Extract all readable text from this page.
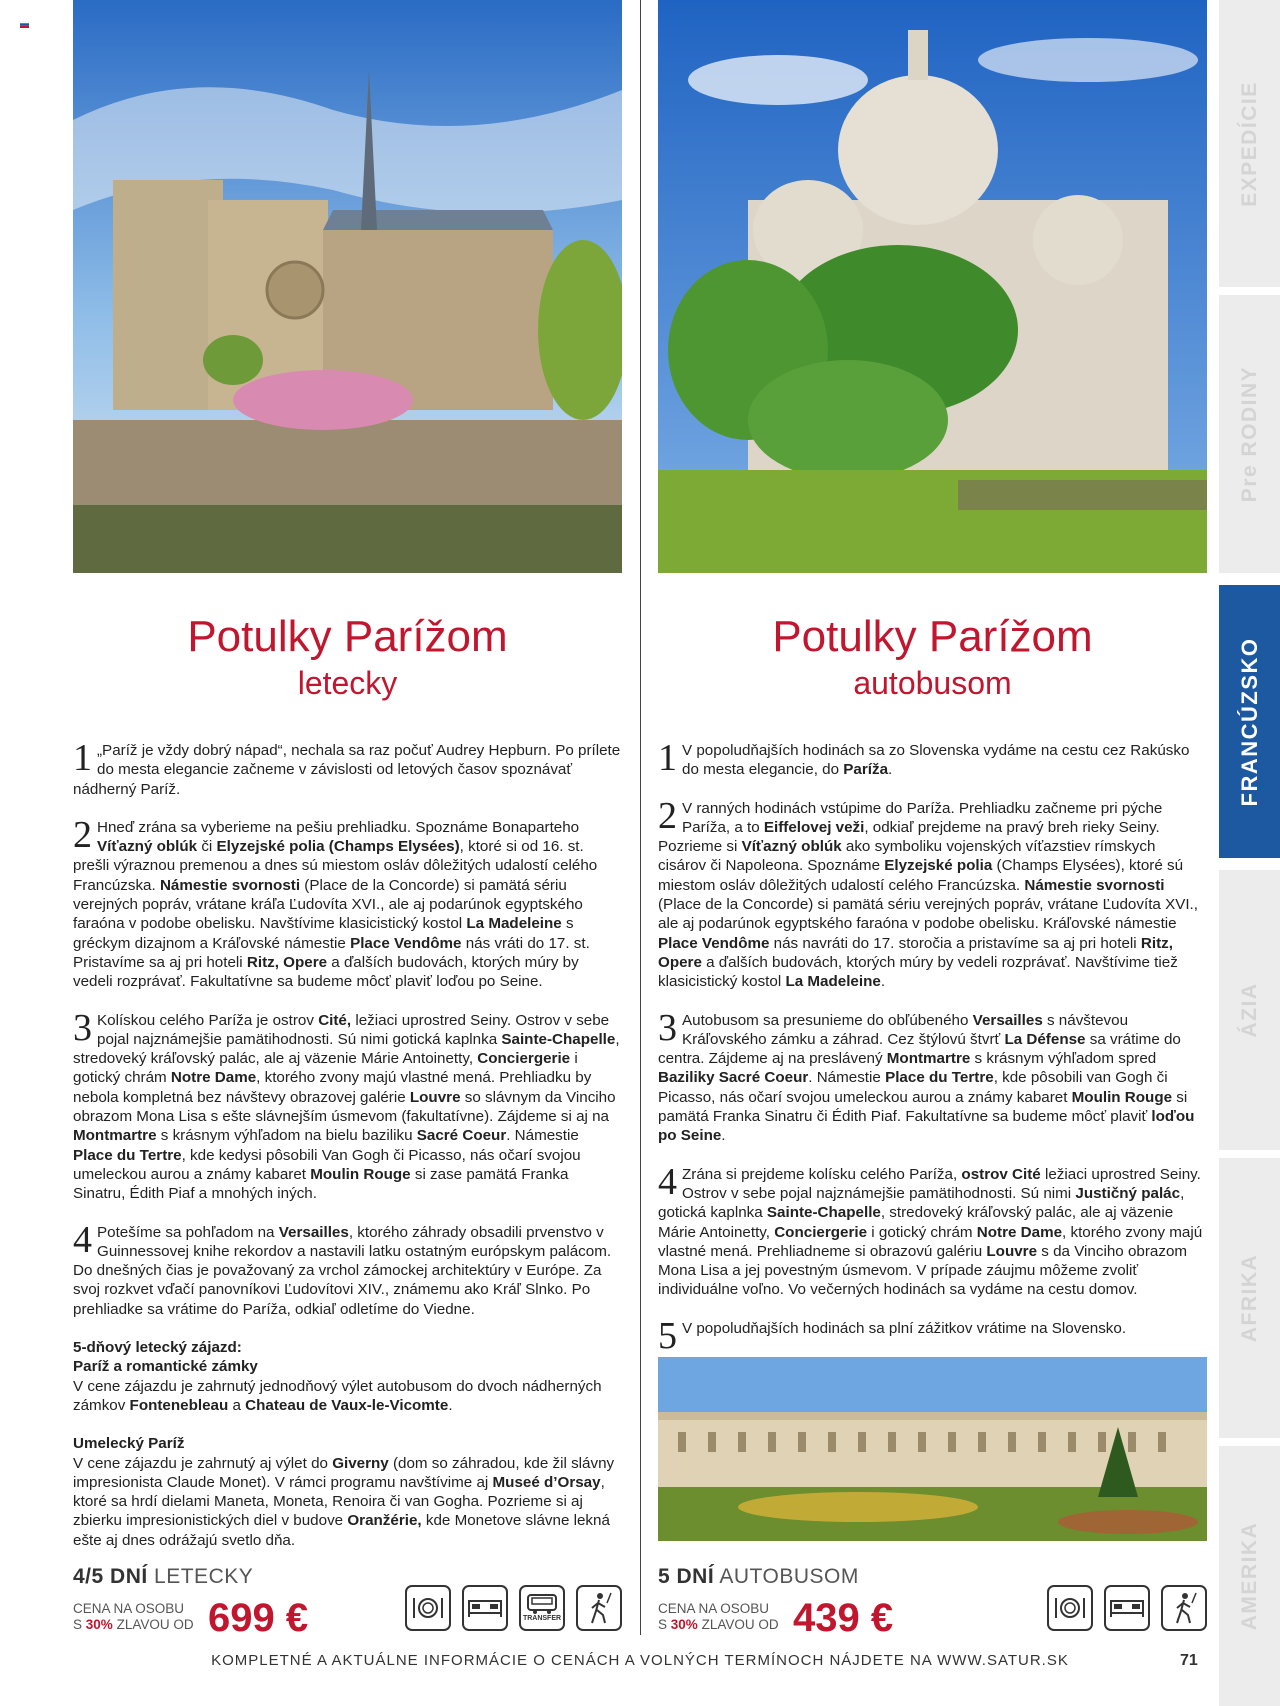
Potulky Parížom
letecky
1 „Paríž je vždy dobrý nápad“, nechala sa raz počuť Audrey Hepburn. Po prílete do mesta elegancie začneme v závislosti od letových časov spoznávať nádherný Paríž.
2 Hneď zrána sa vyberieme na pešiu prehliadku. Spoznáme Bonaparteho Víťazný oblúk či Elyzejské polia (Champs Elysées), ktoré si od 16. st. prešli výraznou premenou a dnes sú miestom osláv dôležitých udalostí celého Francúzska. Námestie svornosti (Place de la Concorde) si pamätá sériu verejných popráv, vrátane kráľa Ľudovíta XVI., ale aj podarúnok egyptského faraóna v podobe obelisku. Navštívime klasicistický kostol La Madeleine s gréckym dizajnom a Kráľovské námestie Place Vendôme nás vráti do 17. st. Pristavíme sa aj pri hoteli Ritz, Opere a ďalších budovách, ktorých múry by vedeli rozprávať. Fakultatívne sa budeme môcť plaviť loďou po Seine.
3 Kolískou celého Paríža je ostrov Cité, ležiaci uprostred Seiny. Ostrov v sebe pojal najznámejšie pamätihodnosti. Sú nimi gotická kaplnka Sainte-Chapelle, stredoveký kráľovský palác, ale aj väzenie Márie Antoinetty, Conciergerie i gotický chrám Notre Dame, ktorého zvony majú vlastné mená. Prehliadku by nebola kompletná bez návštevy obrazovej galérie Louvre so slávnym da Vinciho obrazom Mona Lisa s ešte slávnejším úsmevom (fakultatívne). Zájdeme si aj na Montmartre s krásnym výhľadom na bielu baziliku Sacré Coeur. Námestie Place du Tertre, kde kedysi pôsobili Van Gogh či Picasso, nás očarí svojou umeleckou aurou a známy kabaret Moulin Rouge si zase pamätá Franka Sinatru, Édith Piaf a mnohých iných.
4 Potešíme sa pohľadom na Versailles, ktorého záhrady obsadili prvenstvo v Guinnessovej knihe rekordov a nastavili latku ostatným európskym palácom. Do dnešných čias je považovaný za vrchol zámockej architektúry v Európe. Za svoj rozkvet vďačí panovníkovi Ľudovítovi XIV., známemu ako Kráľ Slnko. Po prehliadke sa vrátime do Paríža, odkiaľ odletíme do Viedne.
5-dňový letecký zájazd:
Paríž a romantické zámky
V cene zájazdu je zahrnutý jednodňový výlet autobusom do dvoch nádherných zámkov Fontenebleau a Chateau de Vaux-le-Vicomte.
Umelecký Paríž
V cene zájazdu je zahrnutý aj výlet do Giverny (dom so záhradou, kde žil slávny impresionista Claude Monet). V rámci programu navštívime aj Museé d’Orsay, ktoré sa hrdí dielami Maneta, Moneta, Renoira či van Gogha. Pozrieme si aj zbierku impresionistických diel v budove Oranžérie, kde Monetove slávne lekná ešte aj dnes odrážajú svetlo dňa.
4/5 DNÍ LETECKY
CENA NA OSOBU
S 30% ZLAVOU OD 699 €	TRANSFER
Potulky Parížom
autobusom
1 V popoludňajších hodinách sa zo Slovenska vydáme na cestu cez Rakúsko do mesta elegancie, do Paríža.
2 V ranných hodinách vstúpime do Paríža. Prehliadku začneme pri pýche Paríža, a to Eiffelovej veži, odkiaľ prejdeme na pravý breh rieky Seiny. Pozrieme si Víťazný oblúk ako symboliku vojenských víťazstiev rímskych cisárov či Napoleona. Spoznáme Elyzejské polia (Champs Elysées), ktoré sú miestom osláv dôležitých udalostí celého Francúzska. Námestie svornosti (Place de la Concorde) si pamätá sériu verejných popráv, vrátane Ľudovíta XVI., ale aj podarúnok egyptského faraóna v podobe obelisku. Kráľovské námestie Place Vendôme nás navráti do 17. storočia a pristavíme sa aj pri hoteli Ritz, Opere a ďalších budovách, ktorých múry by vedeli rozprávať. Navštívime tiež klasicistický kostol La Madeleine.
3 Autobusom sa presunieme do obľúbeného Versailles s návštevou Kráľovského zámku a záhrad. Cez štýlovú štvrť La Défense sa vrátime do centra. Zájdeme aj na preslávený Montmartre s krásnym výhľadom spred Baziliky Sacré Coeur. Námestie Place du Tertre, kde pôsobili van Gogh či Picasso, nás očarí svojou umeleckou aurou a známy kabaret Moulin Rouge si pamätá Franka Sinatru či Édith Piaf. Fakultatívne sa budeme môcť plaviť loďou po Seine.
4 Zrána si prejdeme kolísku celého Paríža, ostrov Cité ležiaci uprostred Seiny. Ostrov v sebe pojal najznámejšie pamätihodnosti. Sú nimi Justičný palác, gotická kaplnka Sainte-Chapelle, stredoveký kráľovský palác, ale aj väzenie Márie Antoinetty, Conciergerie i gotický chrám Notre Dame, ktorého zvony majú vlastné mená. Prehliadneme si obrazovú galériu Louvre s da Vinciho obrazom Mona Lisa a jej povestným úsmevom. V prípade záujmu môžeme zvoliť individuálne voľno. Vo večerných hodinách sa vydáme na cestu domov.
5 V popoludňajších hodinách sa plní zážitkov vrátime na Slovensko.
5 DNÍ AUTOBUSOM
CENA NA OSOBU
S 30% ZLAVOU OD 439 €
EXPEDÍCIE
Pre RODINY
FRANCÚZSKO
ÁZIA
AFRIKA
AMERIKA
KOMPLETNÉ A AKTUÁLNE INFORMÁCIE O CENÁCH A VOLNÝCH TERMÍNOCH NÁJDETE NA WWW.SATUR.SK	71
